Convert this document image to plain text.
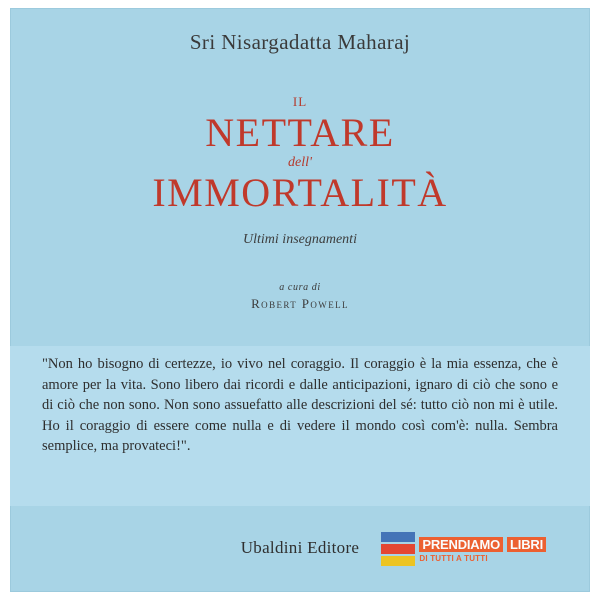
Sri Nisargadatta Maharaj
IL
NETTARE
dell'
IMMORTALITÀ
Ultimi insegnamenti
a cura di
Robert Powell
"Non ho bisogno di certezze, io vivo nel coraggio. Il coraggio è la mia essenza, che è amore per la vita. Sono libero dai ricordi e dalle anticipazioni, ignaro di ciò che sono e di ciò che non sono. Non sono assuefatto alle descrizioni del sé: tutto ciò non mi è utile. Ho il coraggio di essere come nulla e di vedere il mondo così com'è: nulla. Sembra semplice, ma provateci!".
Ubaldini Editore	PRENDIAMO LIBRI
DI TUTTI A TUTTI
